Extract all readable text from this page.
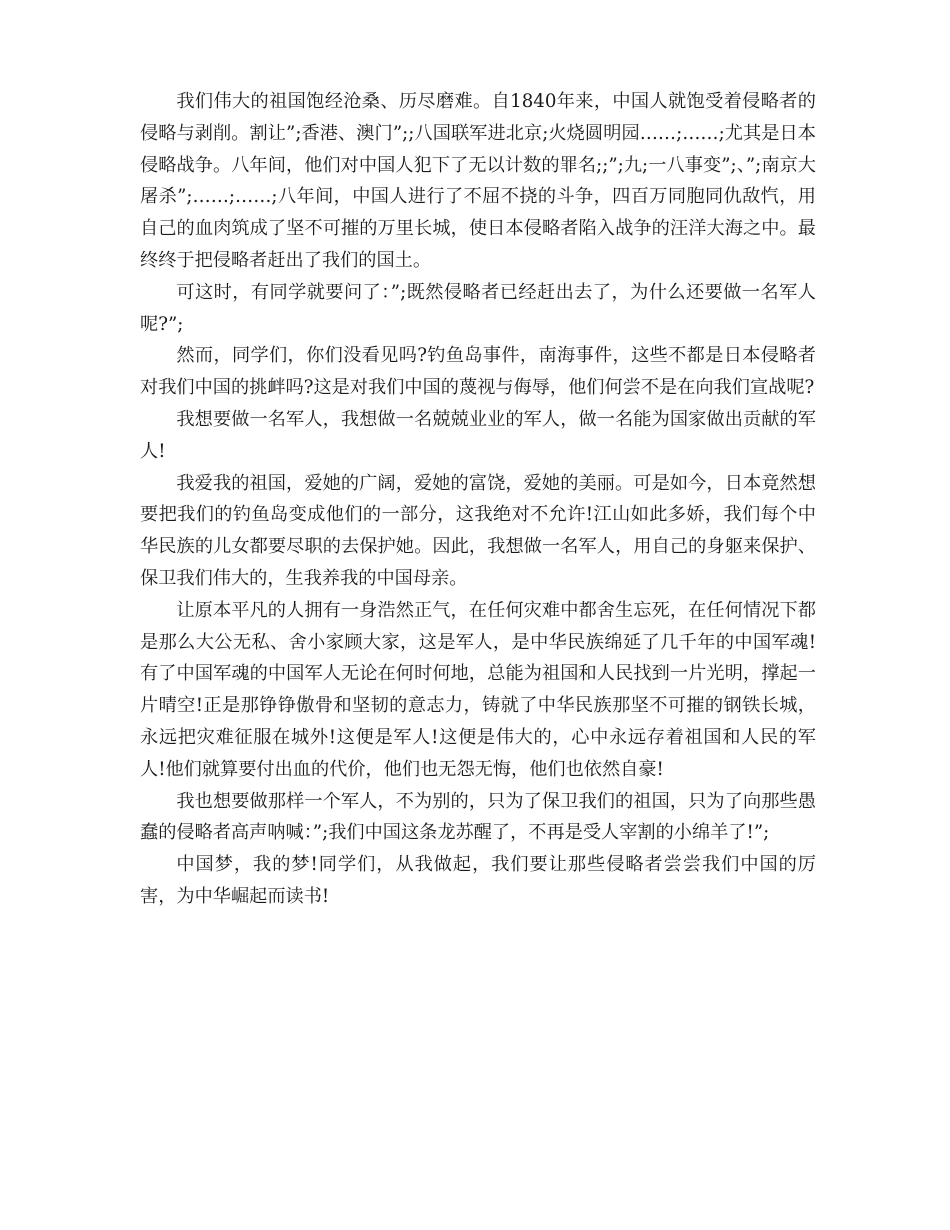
我们伟大的祖国饱经沧桑、历尽磨难。自1840年来，中国人就饱受着侵略者的侵略与剥削。割让”;香港、澳门”;;八国联军进北京;火烧圆明园……;……;尤其是日本侵略战争。八年间，他们对中国人犯下了无以计数的罪名;;”;九;一八事变”;、”;南京大屠杀”;……;……;八年间，中国人进行了不屈不挠的斗争，四百万同胞同仇敌忾，用自己的血肉筑成了坚不可摧的万里长城，使日本侵略者陷入战争的汪洋大海之中。最终终于把侵略者赶出了我们的国土。

可这时，有同学就要问了：”;既然侵略者已经赶出去了，为什么还要做一名军人呢?”;

然而，同学们，你们没看见吗?钓鱼岛事件，南海事件，这些不都是日本侵略者对我们中国的挑衅吗?这是对我们中国的蔑视与侮辱，他们何尝不是在向我们宣战呢?

我想要做一名军人，我想做一名兢兢业业的军人，做一名能为国家做出贡献的军人!

我爱我的祖国，爱她的广阔，爱她的富饶，爱她的美丽。可是如今，日本竟然想要把我们的钓鱼岛变成他们的一部分，这我绝对不允许!江山如此多娇，我们每个中华民族的儿女都要尽职的去保护她。因此，我想做一名军人，用自己的身躯来保护、保卫我们伟大的，生我养我的中国母亲。

让原本平凡的人拥有一身浩然正气，在任何灾难中都舍生忘死，在任何情况下都是那么大公无私、舍小家顾大家，这是军人，是中华民族绵延了几千年的中国军魂!有了中国军魂的中国军人无论在何时何地，总能为祖国和人民找到一片光明，撑起一片晴空!正是那铮铮傲骨和坚韧的意志力，铸就了中华民族那坚不可摧的钢铁长城，永远把灾难征服在城外!这便是军人!这便是伟大的，心中永远存着祖国和人民的军人!他们就算要付出血的代价，他们也无怨无悔，他们也依然自豪!

我也想要做那样一个军人，不为别的，只为了保卫我们的祖国，只为了向那些愚蠢的侵略者高声呐喊：”;我们中国这条龙苏醒了，不再是受人宰割的小绵羊了!”;

中国梦，我的梦!同学们，从我做起，我们要让那些侵略者尝尝我们中国的厉害，为中华崛起而读书!
